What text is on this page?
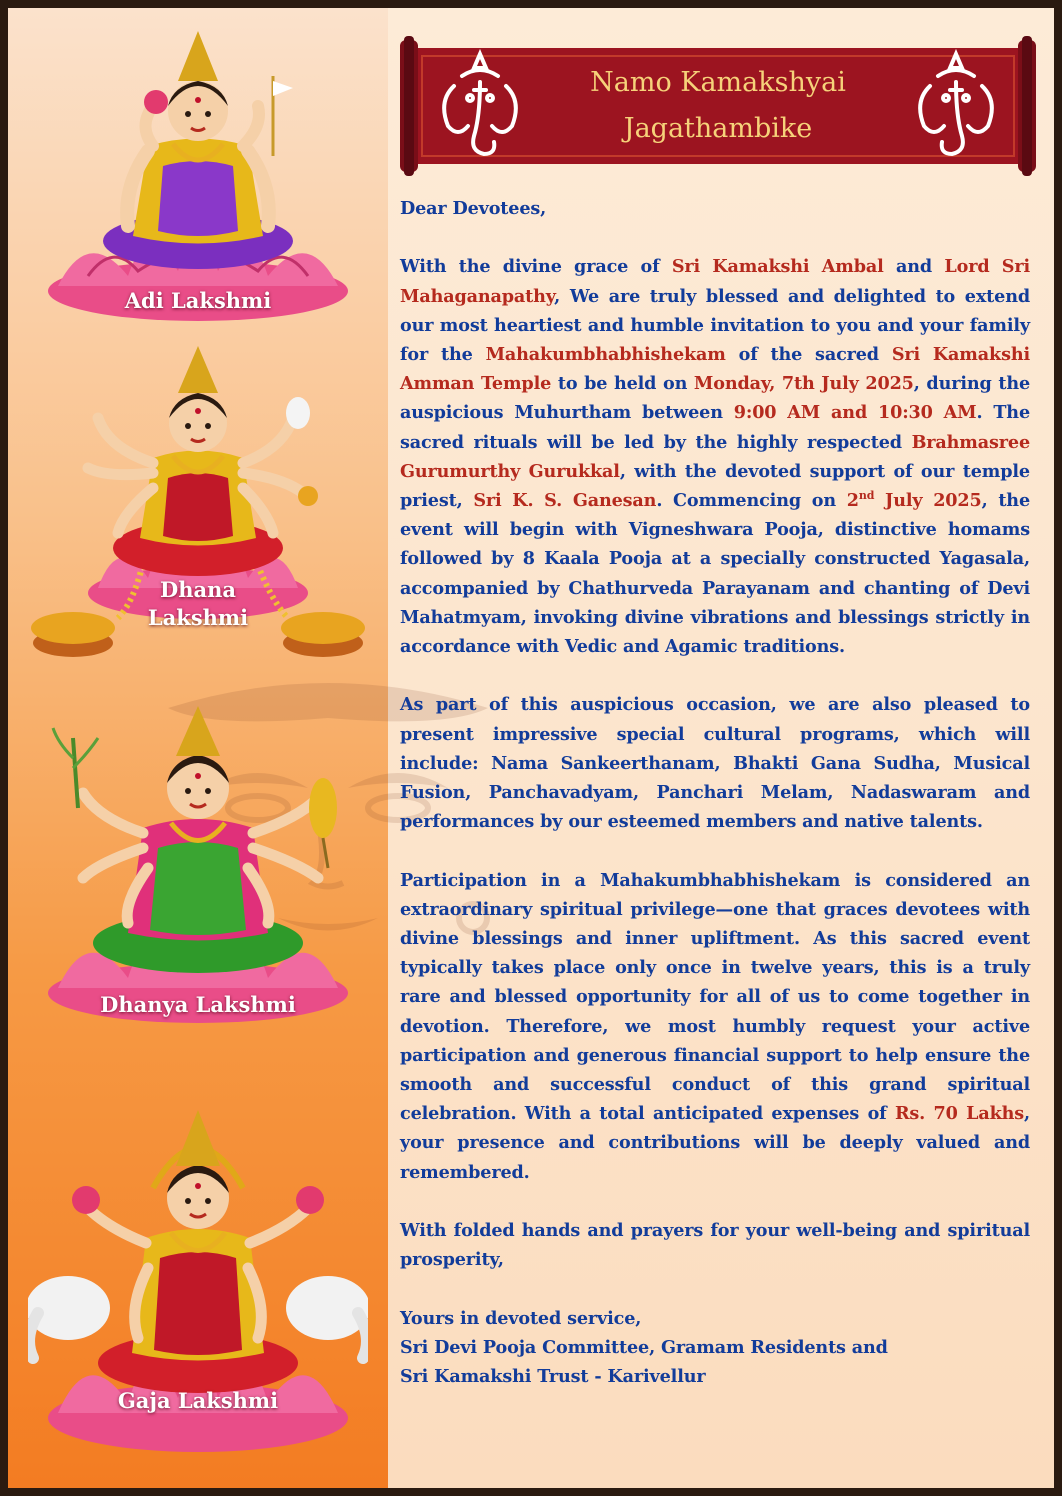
Adi Lakshmi
Dhana
Lakshmi
Dhanya Lakshmi
Gaja Lakshmi
Namo Kamakshyai
Jagathambike

Dear Devotees,

With the divine grace of Sri Kamakshi Ambal and Lord Sri Mahaganapathy, We are truly blessed and delighted to extend our most heartiest and humble invitation to you and your family for the Mahakumbhabhishekam of the sacred Sri Kamakshi Amman Temple to be held on Monday, 7th July 2025, during the auspicious Muhurtham between 9:00 AM and 10:30 AM. The sacred rituals will be led by the highly respected Brahmasree Gurumurthy Gurukkal, with the devoted support of our temple priest, Sri K. S. Ganesan. Commencing on 2nd July 2025, the event will begin with Vigneshwara Pooja, distinctive homams followed by 8 Kaala Pooja at a specially constructed Yagasala, accompanied by Chathurveda Parayanam and chanting of Devi Mahatmyam, invoking divine vibrations and blessings strictly in accordance with Vedic and Agamic traditions.

As part of this auspicious occasion, we are also pleased to present impressive special cultural programs, which will include: Nama Sankeerthanam, Bhakti Gana Sudha, Musical Fusion, Panchavadyam, Panchari Melam, Nadaswaram and performances by our esteemed members and native talents.

Participation in a Mahakumbhabhishekam is considered an extraordinary spiritual privilege—one that graces devotees with divine blessings and inner upliftment. As this sacred event typically takes place only once in twelve years, this is a truly rare and blessed opportunity for all of us to come together in devotion. Therefore, we most humbly request your active participation and generous financial support to help ensure the smooth and successful conduct of this grand spiritual celebration. With a total anticipated expenses of Rs. 70 Lakhs, your presence and contributions will be deeply valued and remembered.

With folded hands and prayers for your well-being and spiritual prosperity,

Yours in devoted service,
Sri Devi Pooja Committee, Gramam Residents and
Sri Kamakshi Trust - Karivellur
